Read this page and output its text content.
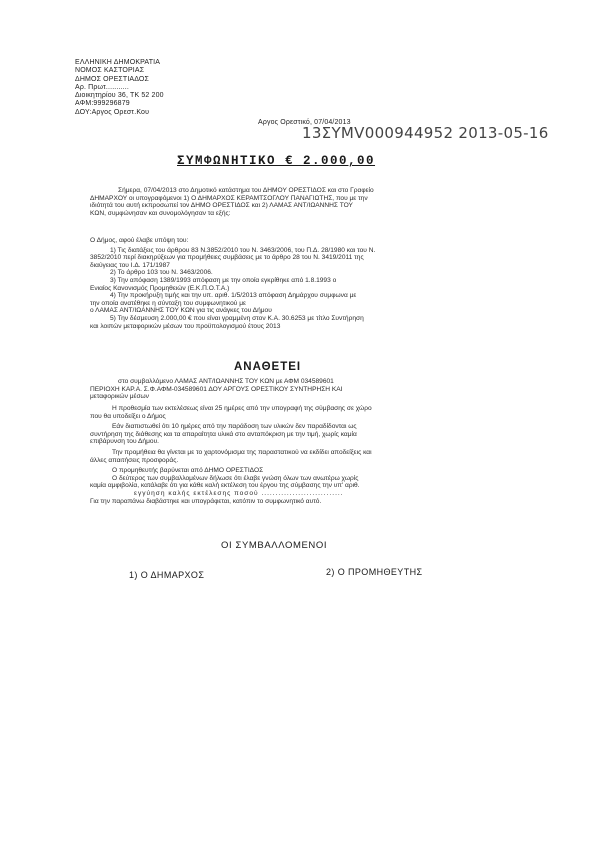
ΕΛΛΗΝΙΚΗ ΔΗΜΟΚΡΑΤΙΑ
ΝΟΜΟΣ ΚΑΣΤΟΡΙΑΣ
ΔΗΜΟΣ ΟΡΕΣΤΙΑΔΟΣ
Αρ. Πρωτ...........
Διοικητηρίου 36, ΤΚ 52 200
ΑΦΜ:999296879
ΔΟΥ:Αργος Ορεστ.Κου
Αργος Ορεστικό, 07/04/2013
13ΣΥΜV000944952 2013-05-16
ΣΥΜΦΩΝΗΤΙΚΟ € 2.000,00
Σήμερα, 07/04/2013 στο Δημοτικό κατάστημα του ΔΗΜΟΥ ΟΡΕΣΤΙΔΟΣ και στο Γραφείο
ΔΗΜΑΡΧΟΥ οι υπογραφόμενοι 1) Ο ΔΗΜΑΡΧΟΣ ΚΕΡΑΜΤΣΟΓΛΟΥ ΠΑΝΑΓΙΩΤΗΣ, που με την
ιδιότητά του αυτή εκπροσωπεί τον ΔΗΜΟ ΟΡΕΣΤΙΔΟΣ και 2) ΛΑΜΑΣ ΑΝΤ/ΙΩΑΝΝΗΣ ΤΟΥ
ΚΩΝ, συμφώνησαν και συνομολόγησαν τα εξής:
Ο Δήμος, αφού έλαβε υπόψη του:
1) Τις διατάξεις του άρθρου 83 Ν.3852/2010 του Ν. 3463/2006, του Π.Δ. 28/1980 και του Ν.
3852/2010 περί διακηρύξεων για προμήθειες συμβάσεις με το άρθρο 28 του Ν. 3419/2011 της
διαύγειας του Ι.Δ. 171/1987
2) Το άρθρο 103 του Ν. 3463/2006.
3) Την απόφαση 1389/1993 απόφαση με την οποία εγκρίθηκε από 1.8.1993 ο
Ενιαίος Κανονισμός Προμηθειών (Ε.Κ.Π.Ο.Τ.Α.)
4) Την προκήρυξη τιμής και την υπ. αριθ. 1/5/2013 απόφαση Δημάρχου συμφωνα με
την οποία ανατέθηκε η σύνταξη του συμφωνητικού με
ο ΛΑΜΑΣ ΑΝΤ/ΙΩΑΝΝΗΣ ΤΟΥ ΚΩΝ για τις ανάγκες του Δήμου
5) Την δέσμευση 2.000,00 € που είναι γραμμένη στον Κ.Α. 30.6253 με τίτλο Συντήρηση
και λοιπών μεταφορικών μέσων του προϋπολογισμού έτους 2013
ΑΝΑΘΕΤΕΙ
στο συμβαλλόμενο ΛΑΜΑΣ ΑΝΤ/ΙΩΑΝΝΗΣ ΤΟΥ ΚΩΝ με ΑΦΜ 034589601
ΠΕΡΙΟΧΗ ΚΑΡ.Α. Σ.Φ.ΑΦΜ-034589601 ΔΟΥ ΑΡΓΟΥΣ ΟΡΕΣΤΙΚΟΥ ΣΥΝΤΗΡΗΣΗ ΚΑΙ
μεταφορικών μέσων
Η προθεσμία των εκτελέσεως είναι 25 ημέρες από την υπογραφή της σύμβασης σε χώρο
που θα υποδείξει ο Δήμος
Εάν διαπιστωθεί ότι 10 ημέρες από την παράδοση των υλικών δεν παραδίδονται ως
συντήρηση της διάθεσης και τα απαραίτητα υλικά στο ανταπόκριση με την τιμή, χωρίς καμία
επιβάρυνση του Δήμου.
Την προμήθεια θα γίνεται με το χαρτονόμισμα της παραστατικού να εκδίδει αποδείξεις και
άλλες απαιτήσεις προσφοράς.
Ο προμηθευτής βαρύνεται από ΔΗΜΟ ΟΡΕΣΤΙΔΟΣ
Ο δεύτερος των συμβαλλομένων δήλωσε ότι έλαβε γνώση όλων των ανωτέρω χωρίς
καμία αμφιβολία, κατάλαβε ότι για κάθε καλή εκτέλεση του έργου της σύμβασης την υπ' αριθ.
εγγύηση καλής εκτέλεσης ποσού .............................
Για την παραπάνω διαβάστηκε και υπογράφεται, κατόπιν το συμφωνητικό αυτό.
ΟΙ ΣΥΜΒΑΛΛΟΜΕΝΟΙ
1) Ο ΔΗΜΑΡΧΟΣ	2) Ο ΠΡΟΜΗΘΕΥΤΗΣ
